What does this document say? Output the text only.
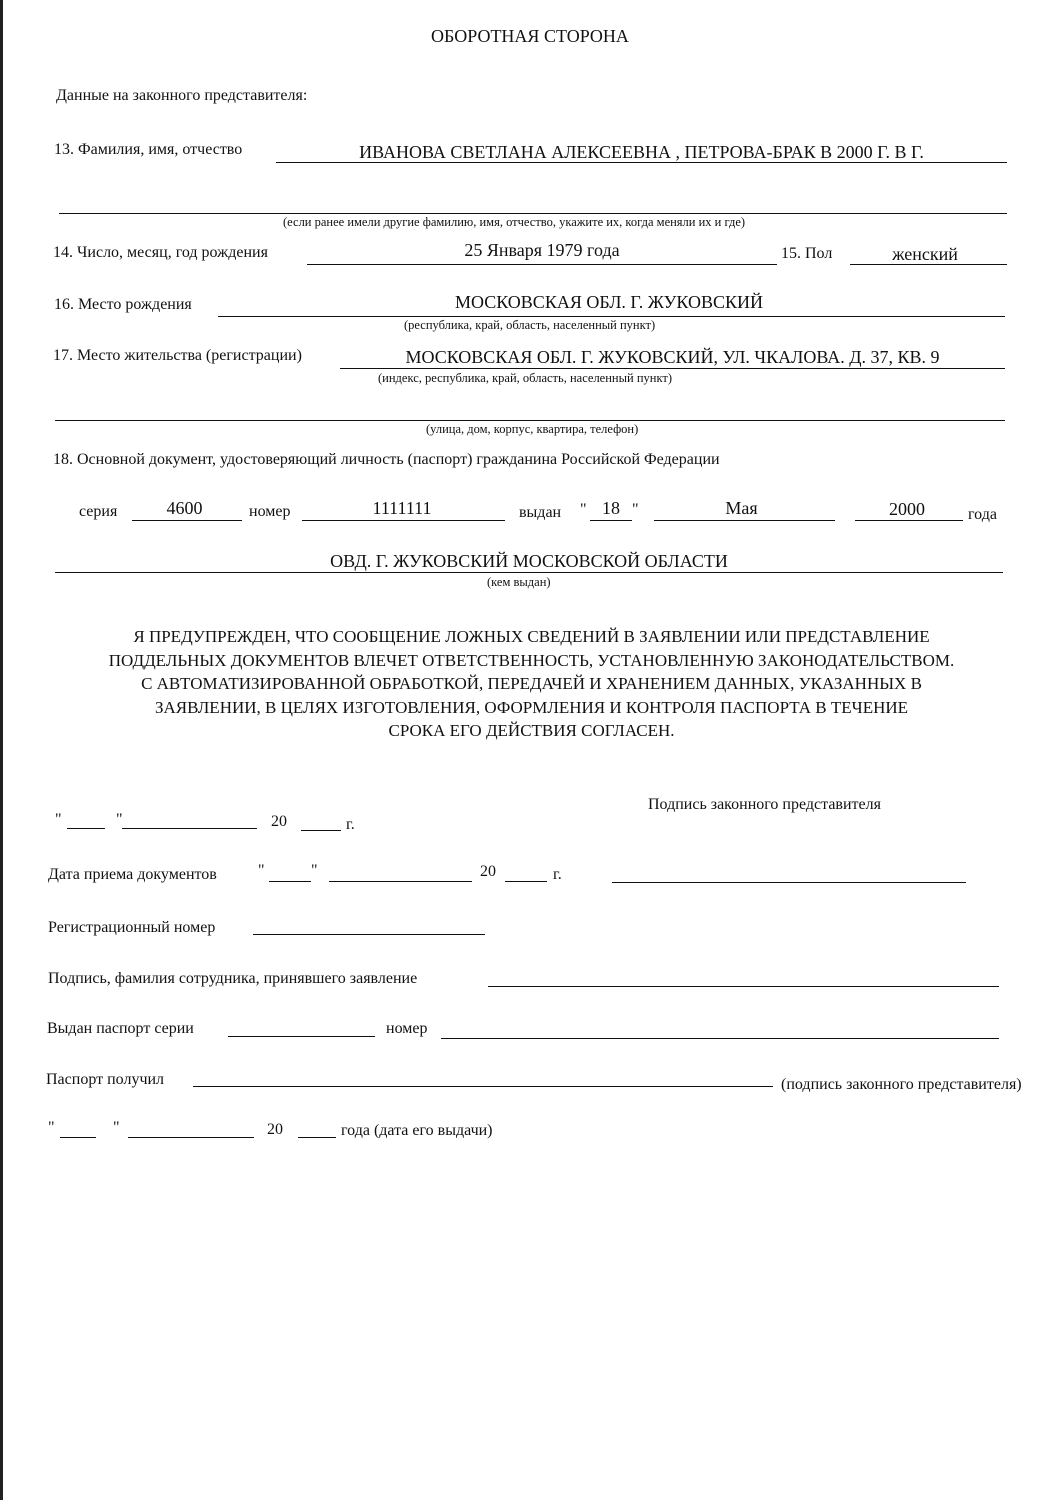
ОБОРОТНАЯ СТОРОНА
Данные на законного представителя:
13. Фамилия, имя, отчество	ИВАНОВА СВЕТЛАНА АЛЕКСЕЕВНА , ПЕТРОВА-БРАК В 2000 Г. В Г.
(если ранее имели другие фамилию, имя, отчество, укажите их, когда меняли их и где)
14. Число, месяц, год рождения	25 Января 1979 года	15. Пол	женский
16. Место рождения	МОСКОВСКАЯ ОБЛ. Г. ЖУКОВСКИЙ
(республика, край, область, населенный пункт)
17. Место жительства (регистрации)	МОСКОВСКАЯ ОБЛ. Г. ЖУКОВСКИЙ, УЛ. ЧКАЛОВА. Д. 37, КВ. 9
(индекс, республика, край, область, населенный пункт)
(улица, дом, корпус, квартира, телефон)
18. Основной документ, удостоверяющий личность (паспорт) гражданина Российской Федерации
серия	4600	номер	1111111	выдан " 18 "	Мая	2000	года
ОВД. Г. ЖУКОВСКИЙ МОСКОВСКОЙ ОБЛАСТИ
(кем выдан)
Я ПРЕДУПРЕЖДЕН, ЧТО СООБЩЕНИЕ ЛОЖНЫХ СВЕДЕНИЙ В ЗАЯВЛЕНИИ ИЛИ ПРЕДСТАВЛЕНИЕ
ПОДДЕЛЬНЫХ ДОКУМЕНТОВ ВЛЕЧЕТ ОТВЕТСТВЕННОСТЬ, УСТАНОВЛЕННУЮ ЗАКОНОДАТЕЛЬСТВОМ.
С АВТОМАТИЗИРОВАННОЙ ОБРАБОТКОЙ, ПЕРЕДАЧЕЙ И ХРАНЕНИЕМ ДАННЫХ, УКАЗАННЫХ В
ЗАЯВЛЕНИИ, В ЦЕЛЯХ ИЗГОТОВЛЕНИЯ, ОФОРМЛЕНИЯ И КОНТРОЛЯ ПАСПОРТА В ТЕЧЕНИЕ
СРОКА ЕГО ДЕЙСТВИЯ СОГЛАСЕН.
Подпись законного представителя
"	"	20	г.
Дата приема документов	"	"	20	г.
Регистрационный номер
Подпись, фамилия сотрудника, принявшего заявление
Выдан паспорт серии	номер
Паспорт получил	(подпись законного представителя)
"	"	20	года (дата его выдачи)
